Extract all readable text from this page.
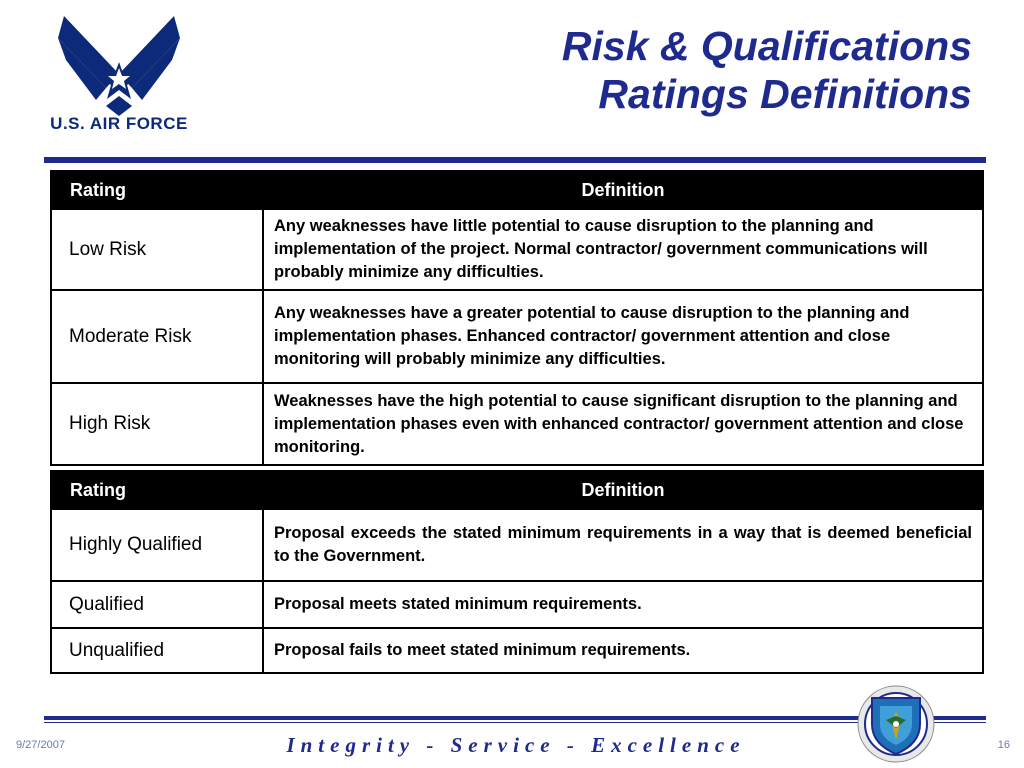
U.S. AIR FORCE
Risk & Qualifications
Ratings Definitions
Rating	Definition
Low Risk	Any weaknesses have little potential to cause disruption to the planning and implementation of the project. Normal contractor/ government communications will probably minimize any difficulties.
Moderate Risk	Any weaknesses have a greater potential to cause disruption to the planning and implementation phases. Enhanced contractor/ government attention and close monitoring will probably minimize any difficulties.
High Risk	Weaknesses have the high potential to cause significant disruption to the planning and implementation phases even with enhanced contractor/ government attention and close monitoring.
Rating	Definition
Highly Qualified	Proposal exceeds the stated minimum requirements in a way that is deemed beneficial to the Government.
Qualified	Proposal meets stated minimum requirements.
Unqualified	Proposal fails to meet stated minimum requirements.
9/27/2007	Integrity - Service - Excellence	16
